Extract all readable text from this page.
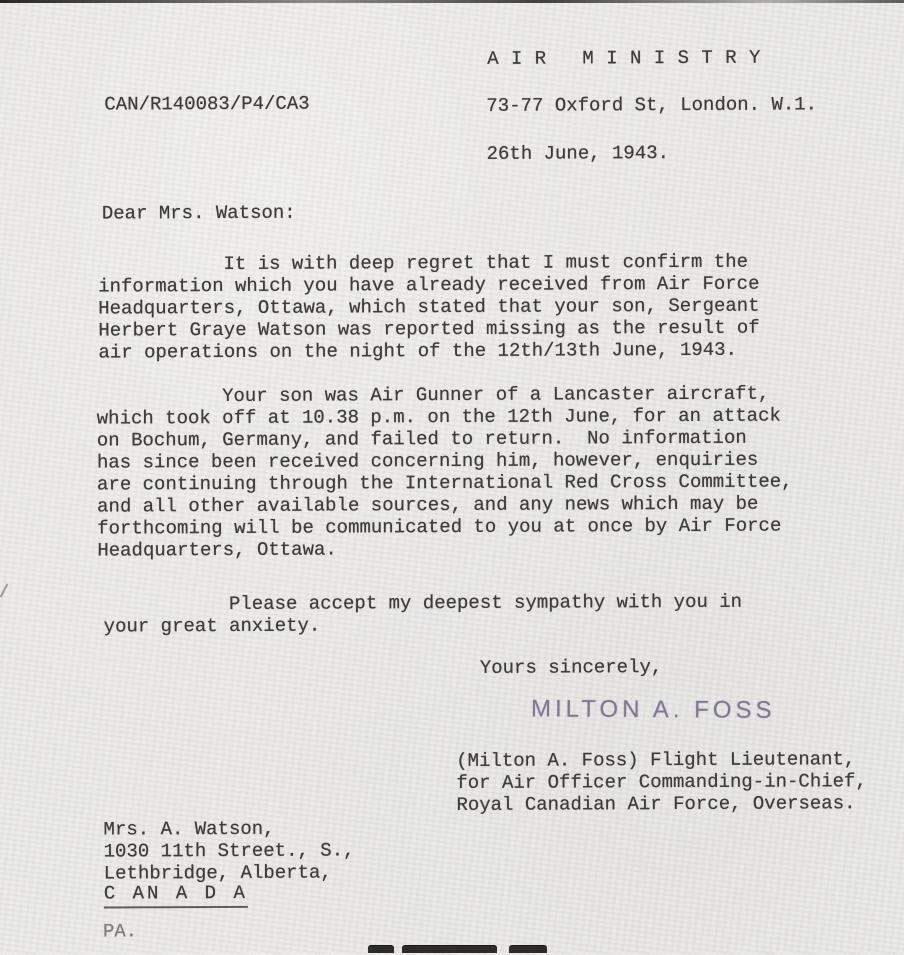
A I R   M I N I S T R Y
CAN/R140083/P4/CA3	73-77 Oxford St, London. W.1.
26th June, 1943.
Dear Mrs. Watson:
It is with deep regret that I must confirm the
information which you have already received from Air Force
Headquarters, Ottawa, which stated that your son, Sergeant
Herbert Graye Watson was reported missing as the result of
air operations on the night of the 12th/13th June, 1943.
Your son was Air Gunner of a Lancaster aircraft,
which took off at 10.38 p.m. on the 12th June, for an attack
on Bochum, Germany, and failed to return.  No information
has since been received concerning him, however, enquiries
are continuing through the International Red Cross Committee,
and all other available sources, and any news which may be
forthcoming will be communicated to you at once by Air Force
Headquarters, Ottawa.
Please accept my deepest sympathy with you in
your great anxiety.
Yours sincerely,
MILTON A. FOSS
(Milton A. Foss) Flight Lieutenant,
for Air Officer Commanding-in-Chief,
Royal Canadian Air Force, Overseas.
Mrs. A. Watson,
1030 11th Street., S.,
Lethbridge, Alberta,
C AN A D A
PA.
